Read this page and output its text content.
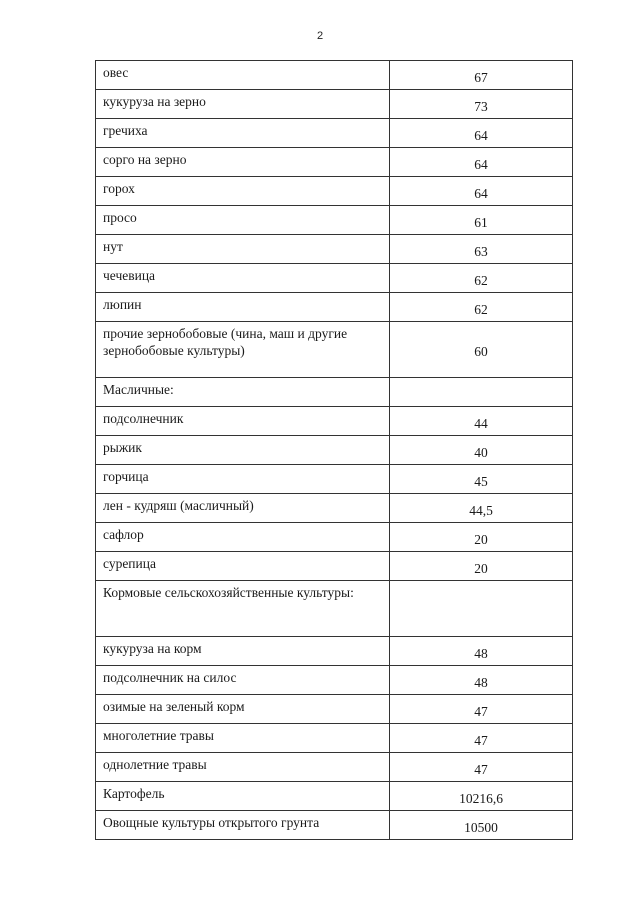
2
овес	67
кукуруза на зерно	73
гречиха	64
сорго на зерно	64
горох	64
просо	61
нут	63
чечевица	62
люпин	62
прочие зернобобовые (чина, маш и другие зернобобовые культуры)	60
Масличные:	
подсолнечник	44
рыжик	40
горчица	45
лен - кудряш (масличный)	44,5
сафлор	20
сурепица	20
Кормовые сельскохозяйственные культуры:	
кукуруза на корм	48
подсолнечник на силос	48
озимые на зеленый корм	47
многолетние травы	47
однолетние травы	47
Картофель	10216,6
Овощные культуры открытого грунта	10500
